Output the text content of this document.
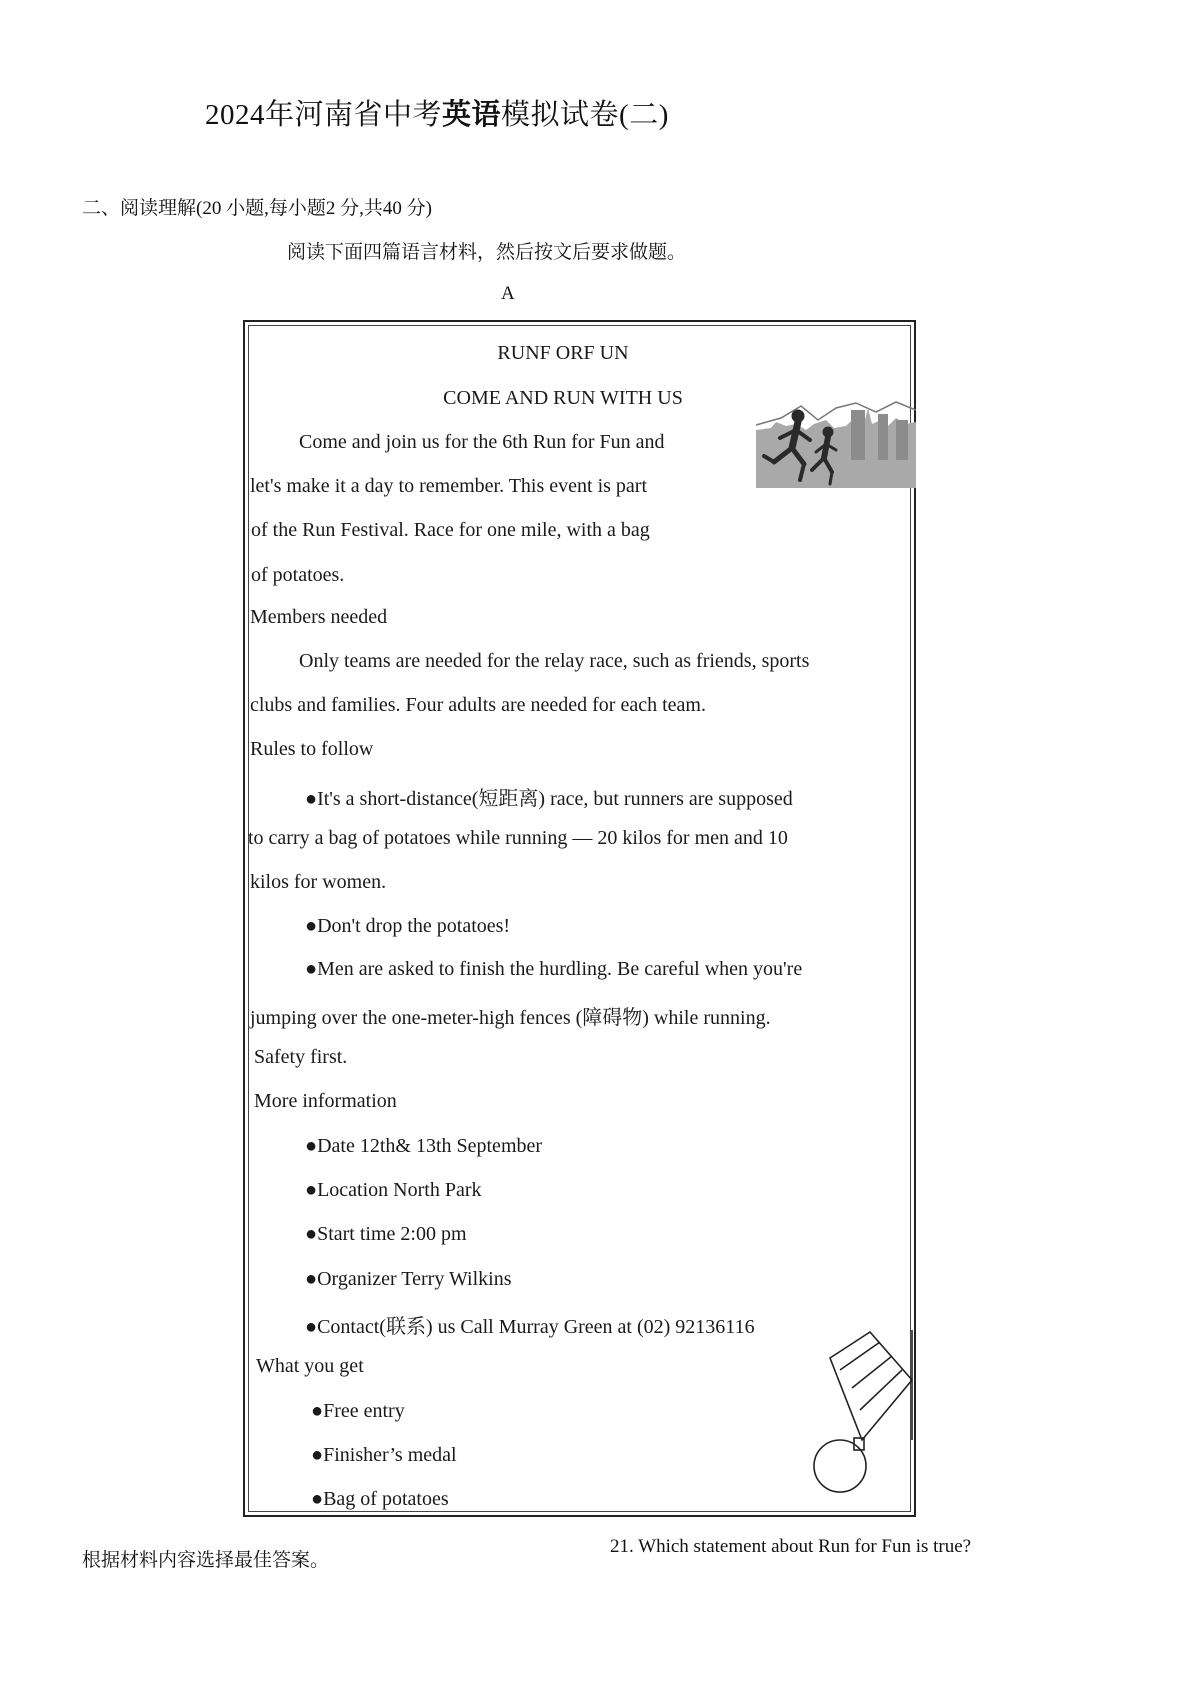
2024年河南省中考英语模拟试卷(二)
二、阅读理解(20 小题,每小题2 分,共40 分)
阅读下面四篇语言材料，然后按文后要求做题。
A
RUNF ORF UN
COME AND RUN WITH US
Come and join us for the 6th Run for Fun and
let's make it a day to remember. This event is part
of the Run Festival. Race for one mile, with a bag
of potatoes.
Members needed
Only teams are needed for the relay race, such as friends, sports
clubs and families. Four adults are needed for each team.
Rules to follow
●It's a short-distance(短距离) race, but runners are supposed
to carry a bag of potatoes while running — 20 kilos for men and 10
kilos for women.
●Don't drop the potatoes!
●Men are asked to finish the hurdling. Be careful when you're
jumping over the one-meter-high fences (障碍物) while running.
Safety first.
More information
●Date 12th& 13th September
●Location North Park
●Start time 2:00 pm
●Organizer Terry Wilkins
●Contact(联系) us Call Murray Green at (02) 92136116
What you get
●Free entry
●Finisher’s medal
●Bag of potatoes
根据材料内容选择最佳答案。
21. Which statement about Run for Fun is true?
